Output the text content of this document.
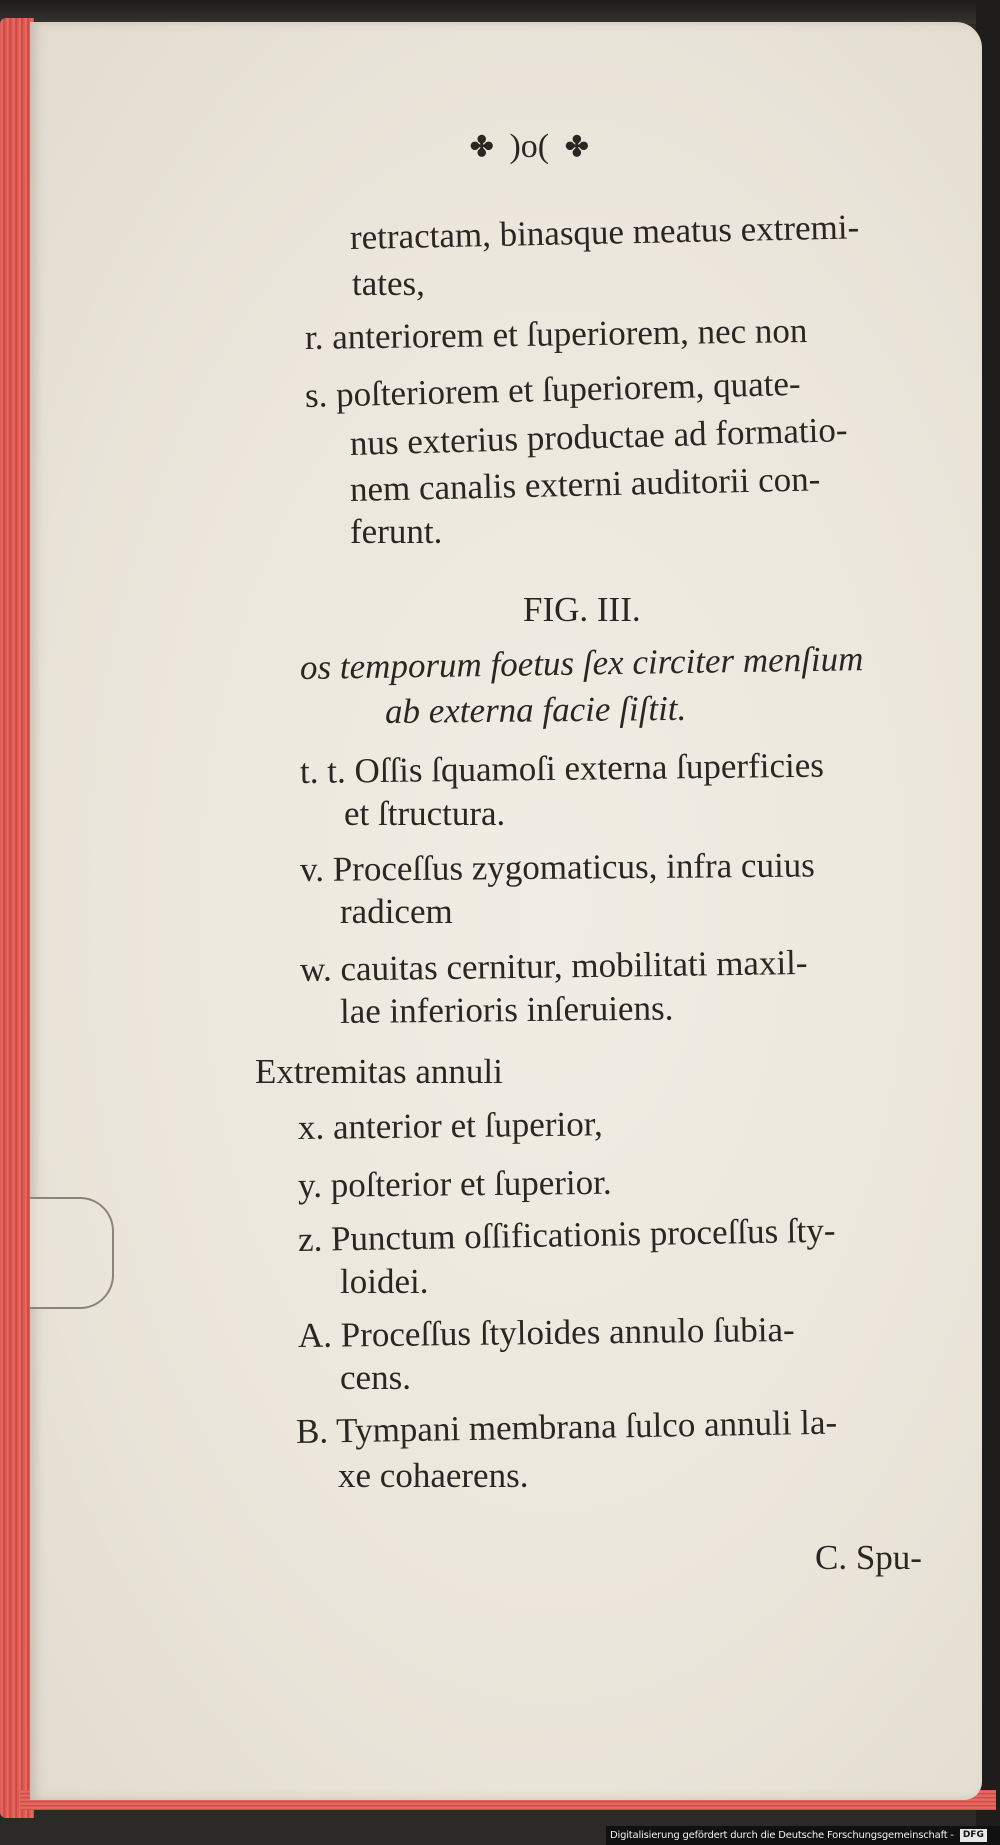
✤ )o( ✤
retractam, binasque meatus extremi-
tates,
r. anteriorem et ſuperiorem, nec non
s. poſteriorem et ſuperiorem, quate-
nus exterius productae ad formatio-
nem canalis externi auditorii con-
ferunt.
FIG. III.
os temporum foetus ſex circiter menſium
ab externa facie ſiſtit.
t. t. Oſſis ſquamoſi externa ſuperficies
et ſtructura.
v. Proceſſus zygomaticus, infra cuius
radicem
w. cauitas cernitur, mobilitati maxil-
lae inferioris inſeruiens.
Extremitas annuli
x. anterior et ſuperior,
y. poſterior et ſuperior.
z. Punctum oſſificationis proceſſus ſty-
loidei.
A. Proceſſus ſtyloides annulo ſubia-
cens.
B. Tympani membrana ſulco annuli la-
xe cohaerens.
C. Spu-
Digitalisierung gefördert durch die Deutsche Forschungsgemeinschaft -	DFG
